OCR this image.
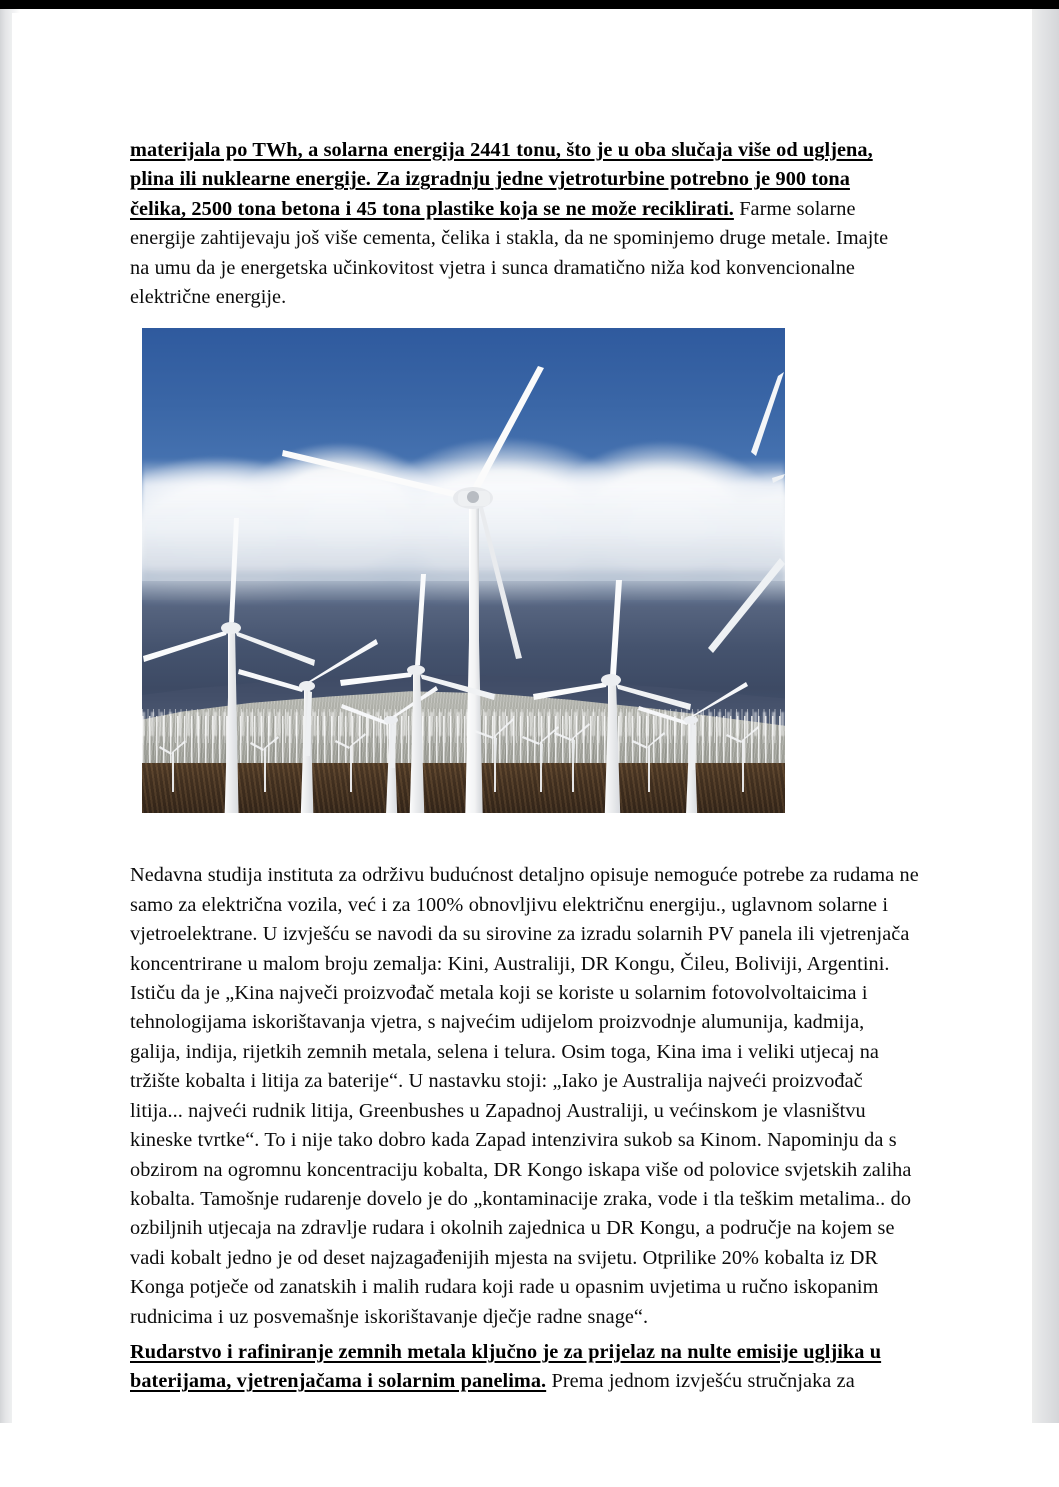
materijala po TWh, a solarna energija 2441 tonu, što je u oba slučaja više od ugljena, plina ili nuklearne energije. Za izgradnju jedne vjetroturbine potrebno je 900 tona čelika, 2500 tona betona i 45 tona plastike koja se ne može reciklirati. Farme solarne energije zahtijevaju još više cementa, čelika i stakla, da ne spominjemo druge metale. Imajte na umu da je energetska učinkovitost vjetra i sunca dramatično niža kod konvencionalne električne energije.

Nedavna studija instituta za održivu budućnost detaljno opisuje nemoguće potrebe za rudama ne samo za električna vozila, već i za 100% obnovljivu električnu energiju., uglavnom solarne i vjetroelektrane. U izvješću se navodi da su sirovine za izradu solarnih PV panela ili vjetrenjača koncentrirane u malom broju zemalja: Kini, Australiji, DR Kongu, Čileu, Boliviji, Argentini. Ističu da je „Kina največi proizvođač metala koji se koriste u solarnim fotovolvoltaicima i tehnologijama iskorištavanja vjetra, s najvećim udijelom proizvodnje alumunija, kadmija, galija, indija, rijetkih zemnih metala, selena i telura. Osim toga, Kina ima i veliki utjecaj na tržište kobalta i litija za baterije“. U nastavku stoji: „Iako je Australija najveći proizvođač litija... najveći rudnik litija, Greenbushes u Zapadnoj Australiji, u većinskom je vlasništvu kineske tvrtke“. To i nije tako dobro kada Zapad intenzivira sukob sa Kinom. Napominju da s obzirom na ogromnu koncentraciju kobalta, DR Kongo iskapa više od polovice svjetskih zaliha kobalta. Tamošnje rudarenje dovelo je do „kontaminacije zraka, vode i tla teškim metalima.. do ozbiljnih utjecaja na zdravlje rudara i okolnih zajednica u DR Kongu, a područje na kojem se vadi kobalt jedno je od deset najzagađenijih mjesta na svijetu. Otprilike 20% kobalta iz DR Konga potječe od zanatskih i malih rudara koji rade u opasnim uvjetima u ručno iskopanim rudnicima i uz posvemašnje iskorištavanje dječje radne snage“.

Rudarstvo i rafiniranje zemnih metala ključno je za prijelaz na nulte emisije ugljika u baterijama, vjetrenjačama i solarnim panelima. Prema jednom izvješću stručnjaka za
